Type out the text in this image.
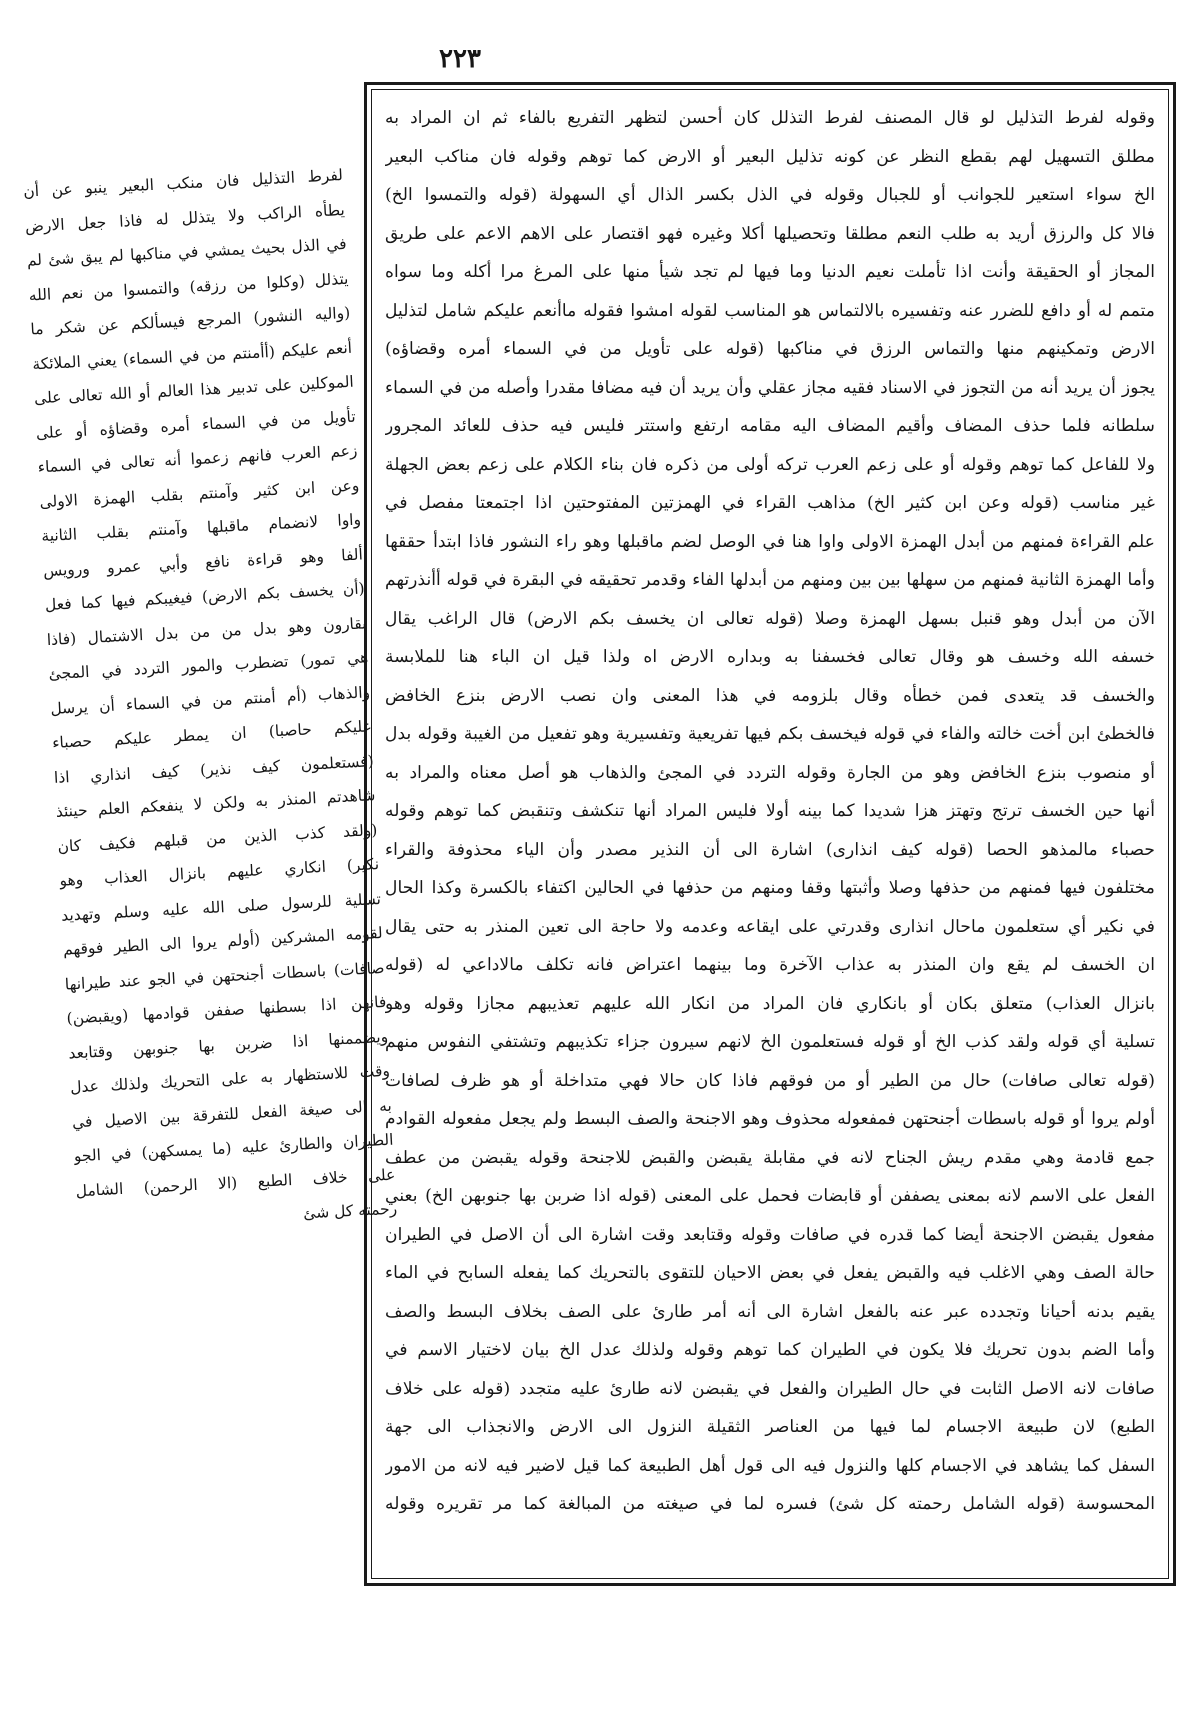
٢٢٣
وقوله لفرط التذليل لو قال المصنف لفرط التذلل كان أحسن لتظهر التفريع بالفاء ثم ان المراد به
مطلق التسهيل لهم بقطع النظر عن كونه تذليل البعير أو الارض كما توهم وقوله فان مناكب البعير
الخ سواء استعير للجوانب أو للجبال وقوله في الذل بكسر الذال أي السهولة (قوله والتمسوا الخ)
فالا كل والرزق أريد به طلب النعم مطلقا وتحصيلها أكلا وغيره فهو اقتصار على الاهم الاعم على طريق
المجاز أو الحقيقة وأنت اذا تأملت نعيم الدنيا وما فيها لم تجد شيأ منها على المرغ مرا أكله وما سواه
متمم له أو دافع للضرر عنه وتفسيره بالالتماس هو المناسب لقوله امشوا فقوله ماأنعم عليكم شامل لتذليل
الارض وتمكينهم منها والتماس الرزق في مناكبها (قوله على تأويل من في السماء أمره وقضاؤه)
يجوز أن يريد أنه من التجوز في الاسناد فقيه مجاز عقلي وأن يريد أن فيه مضافا مقدرا وأصله من في السماء
سلطانه فلما حذف المضاف وأقيم المضاف اليه مقامه ارتفع واستتر فليس فيه حذف للعائد المجرور
ولا للفاعل كما توهم وقوله أو على زعم العرب تركه أولى من ذكره فان بناء الكلام على زعم بعض الجهلة
غير مناسب (قوله وعن ابن كثير الخ) مذاهب القراء في الهمزتين المفتوحتين اذا اجتمعتا مفصل في
علم القراءة فمنهم من أبدل الهمزة الاولى واوا هنا في الوصل لضم ماقبلها وهو راء النشور فاذا ابتدأ حققها
وأما الهمزة الثانية فمنهم من سهلها بين بين ومنهم من أبدلها الفاء وقدمر تحقيقه في البقرة في قوله أأنذرتهم
الآن من أبدل وهو قنبل بسهل الهمزة وصلا (قوله تعالى ان يخسف بكم الارض) قال الراغب يقال
خسفه الله وخسف هو وقال تعالى فخسفنا به وبداره الارض اه ولذا قيل ان الباء هنا للملابسة
والخسف قد يتعدى فمن خطأه وقال بلزومه في هذا المعنى وان نصب الارض بنزع الخافض
فالخطئ ابن أخت خالته والفاء في قوله فيخسف بكم فيها تفريعية وتفسيرية وهو تفعيل من الغيبة وقوله بدل
أو منصوب بنزع الخافض وهو من الجارة وقوله التردد في المجئ والذهاب هو أصل معناه والمراد به
أنها حين الخسف ترتج وتهتز هزا شديدا كما بينه أولا فليس المراد أنها تنكشف وتنقبض كما توهم وقوله
حصباء مالمذهو الحصا (قوله كيف انذارى) اشارة الى أن النذير مصدر وأن الياء محذوفة والقراء
مختلفون فيها فمنهم من حذفها وصلا وأثبتها وقفا ومنهم من حذفها في الحالين اكتفاء بالكسرة وكذا الحال
في نكير أي ستعلمون ماحال انذارى وقدرتي على ايقاعه وعدمه ولا حاجة الى تعين المنذر به حتى يقال
ان الخسف لم يقع وان المنذر به عذاب الآخرة وما بينهما اعتراض فانه تكلف مالاداعي له (قوله
بانزال العذاب) متعلق بكان أو بانكاري فان المراد من انكار الله عليهم تعذيبهم مجازا وقوله وهو
تسلية أي قوله ولقد كذب الخ أو قوله فستعلمون الخ لانهم سيرون جزاء تكذيبهم وتشتفي النفوس منهم
(قوله تعالى صافات) حال من الطير أو من فوقهم فاذا كان حالا فهي متداخلة أو هو ظرف لصافات
أولم يروا أو قوله باسطات أجنحتهن فمفعوله محذوف وهو الاجنحة والصف البسط ولم يجعل مفعوله القوادم
جمع قادمة وهي مقدم ريش الجناح لانه في مقابلة يقبضن والقبض للاجنحة وقوله يقبضن من عطف
الفعل على الاسم لانه بمعنى يصففن أو قابضات فحمل على المعنى (قوله اذا ضربن بها جنوبهن الخ) بعني
مفعول يقبضن الاجنحة أيضا كما قدره في صافات وقوله وقتابعد وقت اشارة الى أن الاصل في الطيران
حالة الصف وهي الاغلب فيه والقبض يفعل في بعض الاحيان للتقوى بالتحريك كما يفعله السابح في الماء
يقيم بدنه أحيانا وتجدده عبر عنه بالفعل اشارة الى أنه أمر طارئ على الصف بخلاف البسط والصف
وأما الضم بدون تحريك فلا يكون في الطيران كما توهم وقوله ولذلك عدل الخ بيان لاختيار الاسم في
صافات لانه الاصل الثابت في حال الطيران والفعل في يقبضن لانه طارئ عليه متجدد (قوله على خلاف
الطبع) لان طبيعة الاجسام لما فيها من العناصر الثقيلة النزول الى الارض والانجذاب الى جهة
السفل كما يشاهد في الاجسام كلها والنزول فيه الى قول أهل الطبيعة كما قيل لاضير فيه لانه من الامور
المحسوسة (قوله الشامل رحمته كل شئ) فسره لما في صيغته من المبالغة كما مر تقريره وقوله
لفرط التذليل فان منكب البعير ينبو عن أن
يطأه الراكب ولا يتذلل له فاذا جعل الارض
في الذل بحيث يمشي في مناكبها لم يبق شئ لم
يتذلل (وكلوا من رزقه) والتمسوا من نعم الله
(واليه النشور) المرجع فيسألكم عن شكر ما
أنعم عليكم (أأمنتم من في السماء) يعني الملائكة
الموكلين على تدبير هذا العالم أو الله تعالى على
تأويل من في السماء أمره وقضاؤه أو على
زعم العرب فانهم زعموا أنه تعالى في السماء
وعن ابن كثير وآمنتم بقلب الهمزة الاولى
واوا لانضمام ماقبلها وآمنتم بقلب الثانية
ألفا وهو قراءة نافع وأبي عمرو ورويس
(أن يخسف بكم الارض) فيغيبكم فيها كما فعل
بقارون وهو بدل من من بدل الاشتمال (فاذا
هي تمور) تضطرب والمور التردد في المجئ
والذهاب (أم أمنتم من في السماء أن يرسل
عليكم حاصبا) ان يمطر عليكم حصباء
(فستعلمون كيف نذير) كيف انذاري اذا
شاهدتم المنذر به ولكن لا ينفعكم العلم حينئذ
(ولقد كذب الذين من قبلهم فكيف كان
نكير) انكاري عليهم بانزال العذاب وهو
تسلية للرسول صلى الله عليه وسلم وتهديد
لقومه المشركين (أولم يروا الى الطير فوقهم
صافات) باسطات أجنحتهن في الجو عند طيرانها
فانهن اذا بسطنها صففن قوادمها (ويقبضن)
ويضممنها اذا ضربن بها جنوبهن وقتابعد
وقت للاستظهار به على التحريك ولذلك عدل
به الى صيغة الفعل للتفرقة بين الاصيل في
الطيران والطارئ عليه (ما يمسكهن) في الجو
على خلاف الطبع (الا الرحمن) الشامل
رحمته كل شئ
